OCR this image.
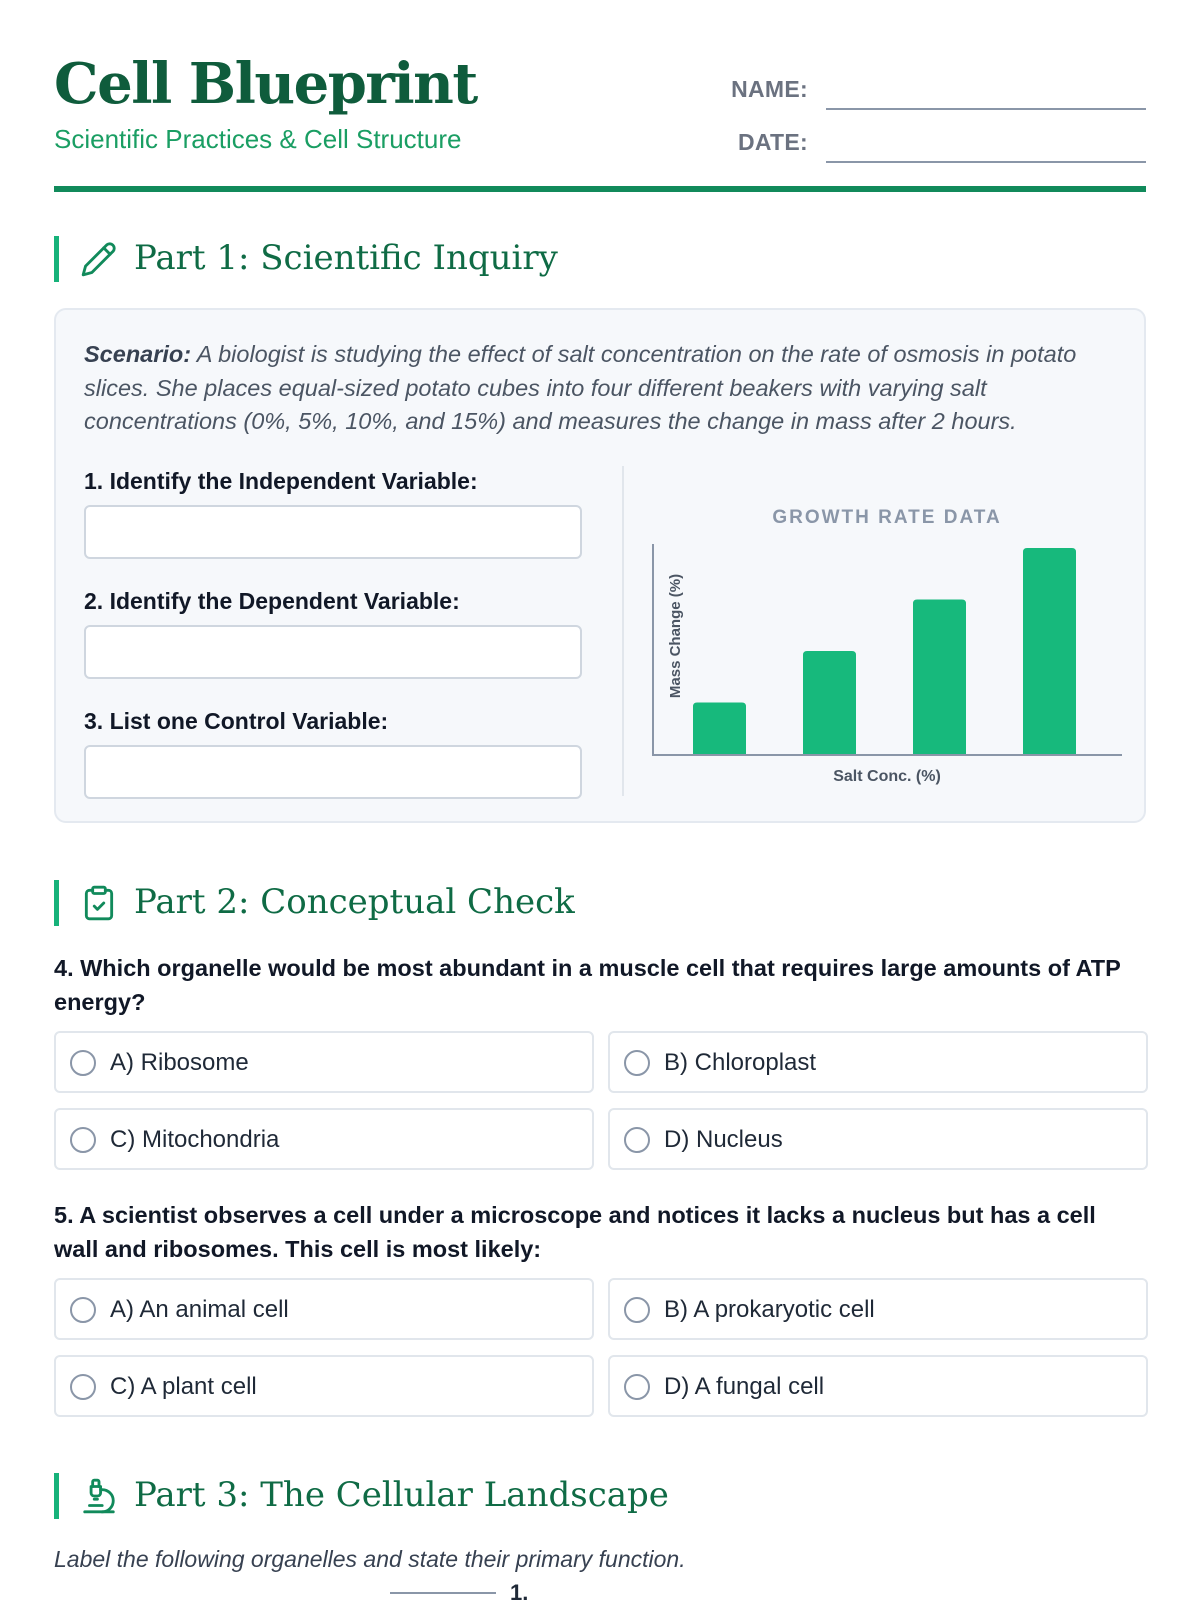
Cell Blueprint
Scientific Practices & Cell Structure
NAME:
DATE:
Part 1: Scientific Inquiry
Scenario: A biologist is studying the effect of salt concentration on the rate of osmosis in potato slices. She places equal-sized potato cubes into four different beakers with varying salt concentrations (0%, 5%, 10%, and 15%) and measures the change in mass after 2 hours.
1. Identify the Independent Variable:
2. Identify the Dependent Variable:
3. List one Control Variable:
GROWTH RATE DATA
Mass Change (%)
Salt Conc. (%)
Part 2: Conceptual Check
4. Which organelle would be most abundant in a muscle cell that requires large amounts of ATP energy?
A) Ribosome	B) Chloroplast
C) Mitochondria	D) Nucleus
5. A scientist observes a cell under a microscope and notices it lacks a nucleus but has a cell wall and ribosomes. This cell is most likely:
A) An animal cell	B) A prokaryotic cell
C) A plant cell	D) A fungal cell
Part 3: The Cellular Landscape
Label the following organelles and state their primary function.
1.
